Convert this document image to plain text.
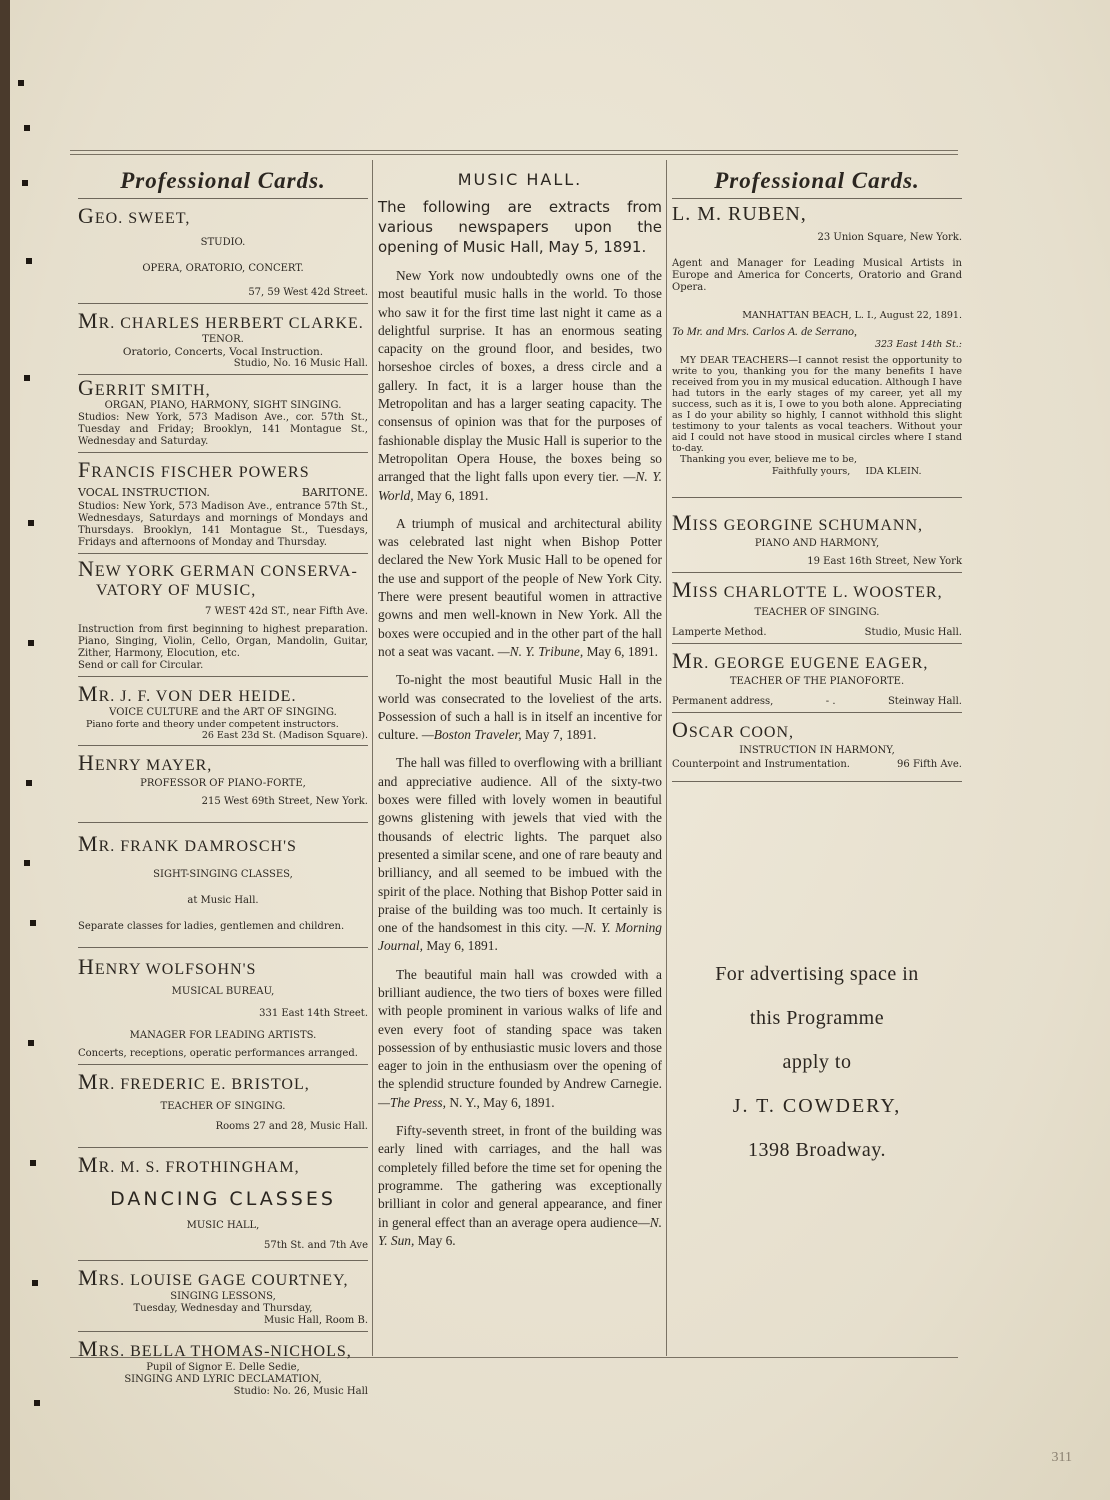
Professional Cards.
GEO. SWEET,
STUDIO.
OPERA, ORATORIO, CONCERT.
57, 59 West 42d Street.
MR. CHARLES HERBERT CLARKE.
TENOR.
Oratorio, Concerts, Vocal Instruction.
Studio, No. 16 Music Hall.
GERRIT SMITH,
ORGAN, PIANO, HARMONY, SIGHT SINGING.
Studios: New York, 573 Madison Ave., cor. 57th St., Tuesday and Friday; Brooklyn, 141 Montague St., Wednesday and Saturday.
FRANCIS FISCHER POWERS
VOCAL INSTRUCTION.	BARITONE.
Studios: New York, 573 Madison Ave., entrance 57th St., Wednesdays, Saturdays and mornings of Mondays and Thursdays. Brooklyn, 141 Montague St., Tuesdays, Fridays and afternoons of Monday and Thursday.
NEW YORK GERMAN CONSERVA-
VATORY OF MUSIC,
7 WEST 42d ST., near Fifth Ave.
Instruction from first beginning to highest preparation. Piano, Singing, Violin, Cello, Organ, Mandolin, Guitar, Zither, Harmony, Elocution, etc.
Send or call for Circular.
MR. J. F. VON DER HEIDE.
VOICE CULTURE and the ART OF SINGING.
Piano forte and theory under competent instructors.
26 East 23d St. (Madison Square).
HENRY MAYER,
PROFESSOR OF PIANO-FORTE,
215 West 69th Street, New York.
MR. FRANK DAMROSCH'S
SIGHT-SINGING CLASSES,
at Music Hall.
Separate classes for ladies, gentlemen and children.
HENRY WOLFSOHN'S
MUSICAL BUREAU,
331 East 14th Street.
MANAGER FOR LEADING ARTISTS.
Concerts, receptions, operatic performances arranged.
MR. FREDERIC E. BRISTOL,
TEACHER OF SINGING.
Rooms 27 and 28, Music Hall.
MR. M. S. FROTHINGHAM,
DANCING CLASSES
MUSIC HALL,
57th St. and 7th Ave
MRS. LOUISE GAGE COURTNEY,
SINGING LESSONS,
Tuesday, Wednesday and Thursday,
Music Hall, Room B.
MRS. BELLA THOMAS-NICHOLS,
Pupil of Signor E. Delle Sedie,
SINGING AND LYRIC DECLAMATION,
Studio: No. 26, Music Hall
MUSIC HALL.
The following are extracts from various newspapers upon the opening of Music Hall, May 5, 1891.

New York now undoubtedly owns one of the most beautiful music halls in the world. To those who saw it for the first time last night it came as a delightful surprise. It has an enormous seating capacity on the ground floor, and besides, two horseshoe circles of boxes, a dress circle and a gallery. In fact, it is a larger house than the Metropolitan and has a larger seating capacity. The consensus of opinion was that for the purposes of fashionable display the Music Hall is superior to the Metropolitan Opera House, the boxes being so arranged that the light falls upon every tier. —N. Y. World, May 6, 1891.

A triumph of musical and architectural ability was celebrated last night when Bishop Potter declared the New York Music Hall to be opened for the use and support of the people of New York City. There were present beautiful women in attractive gowns and men well-known in New York. All the boxes were occupied and in the other part of the hall not a seat was vacant. —N. Y. Tribune, May 6, 1891.

To-night the most beautiful Music Hall in the world was consecrated to the loveliest of the arts. Possession of such a hall is in itself an incentive for culture. —Boston Traveler, May 7, 1891.

The hall was filled to overflowing with a brilliant and appreciative audience. All of the sixty-two boxes were filled with lovely women in beautiful gowns glistening with jewels that vied with the thousands of electric lights. The parquet also presented a similar scene, and one of rare beauty and brilliancy, and all seemed to be imbued with the spirit of the place. Nothing that Bishop Potter said in praise of the building was too much. It certainly is one of the handsomest in this city. —N. Y. Morning Journal, May 6, 1891.

The beautiful main hall was crowded with a brilliant audience, the two tiers of boxes were filled with people prominent in various walks of life and even every foot of standing space was taken possession of by enthusiastic music lovers and those eager to join in the enthusiasm over the opening of the splendid structure founded by Andrew Carnegie. —The Press, N. Y., May 6, 1891.

Fifty-seventh street, in front of the building was early lined with carriages, and the hall was completely filled before the time set for opening the programme. The gathering was exceptionally brilliant in color and general appearance, and finer in general effect than an average opera audience—N. Y. Sun, May 6.

Professional Cards.
L. M. RUBEN,
23 Union Square, New York.
Agent and Manager for Leading Musical Artists in Europe and America for Concerts, Oratorio and Grand Opera.
MANHATTAN BEACH, L. I., August 22, 1891.
To Mr. and Mrs. Carlos A. de Serrano,
323 East 14th St.:
MY DEAR TEACHERS—I cannot resist the opportunity to write to you, thanking you for the many benefits I have received from you in my musical education. Although I have had tutors in the early stages of my career, yet all my success, such as it is, I owe to you both alone. Appreciating as I do your ability so highly, I cannot withhold this slight testimony to your talents as vocal teachers. Without your aid I could not have stood in musical circles where I stand to-day.
Thanking you ever, believe me to be,
Faithfully yours, IDA KLEIN.
MISS GEORGINE SCHUMANN,
PIANO AND HARMONY,
19 East 16th Street, New York
MISS CHARLOTTE L. WOOSTER,
TEACHER OF SINGING.
Lamperte Method.	Studio, Music Hall.
MR. GEORGE EUGENE EAGER,
TEACHER OF THE PIANOFORTE.
Permanent address,	- .	Steinway Hall.
OSCAR COON,
INSTRUCTION IN HARMONY,
Counterpoint and Instrumentation.	96 Fifth Ave.
For advertising space in
this Programme
apply to
J. T. COWDERY,
1398 Broadway.
311
